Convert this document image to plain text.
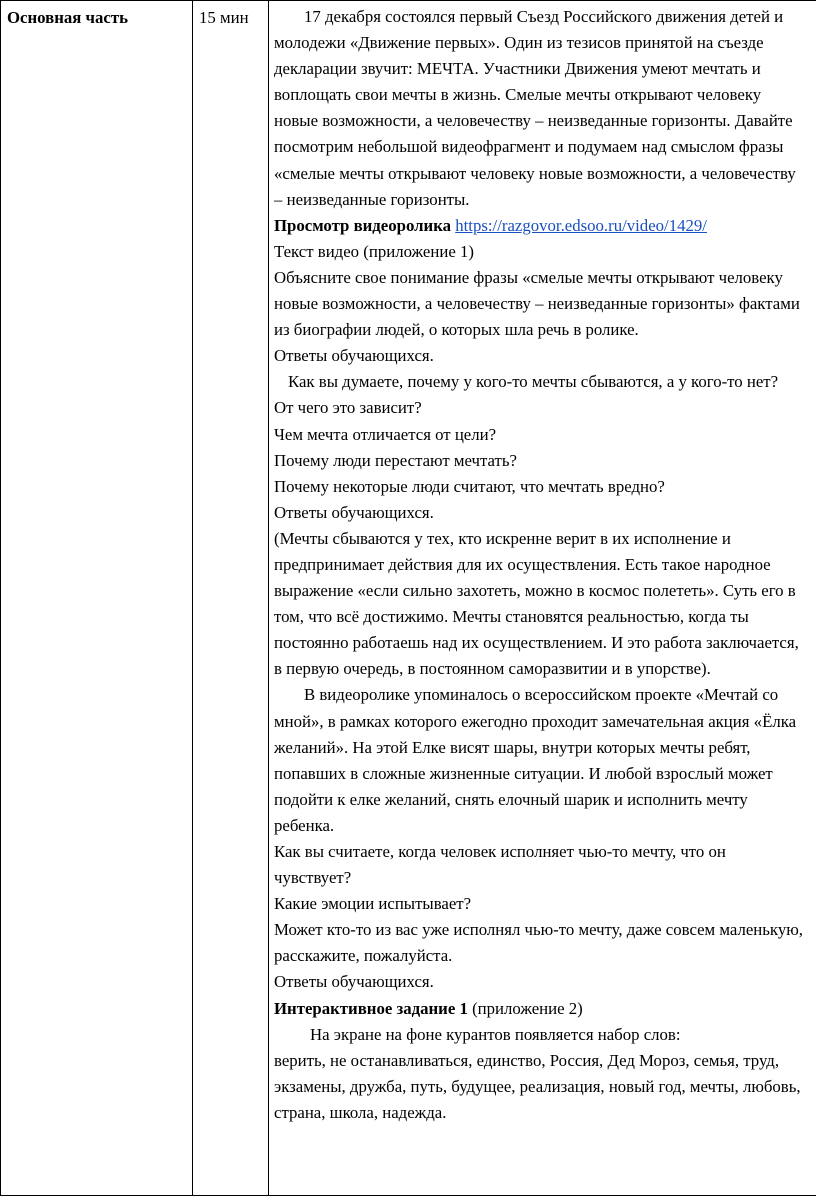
Основная часть	15 мин	17 декабря состоялся первый Съезд Российского движения детей и молодежи «Движение первых». Один из тезисов принятой на съезде декларации звучит: МЕЧТА. Участники Движения умеют мечтать и воплощать свои мечты в жизнь. Смелые мечты открывают человеку новые возможности, а человечеству – неизведанные горизонты. Давайте посмотрим небольшой видеофрагмент и подумаем над смыслом фразы «смелые мечты открывают человеку новые возможности, а человечеству – неизведанные горизонты.

Просмотр видеоролика https://razgovor.edsoo.ru/video/1429/

Текст видео (приложение 1)

Объясните свое понимание фразы «смелые мечты открывают человеку новые возможности, а человечеству – неизведанные горизонты» фактами из биографии людей, о которых шла речь в ролике.

Ответы обучающихся.

Как вы думаете, почему у кого-то мечты сбываются, а у кого-то нет?

От чего это зависит?

Чем мечта отличается от цели?

Почему люди перестают мечтать?

Почему некоторые люди считают, что мечтать вредно?

Ответы обучающихся.

(Мечты сбываются у тех, кто искренне верит в их исполнение и предпринимает действия для их осуществления. Есть такое народное выражение «если сильно захотеть, можно в космос полететь». Суть его в том, что всё достижимо. Мечты становятся реальностью, когда ты постоянно работаешь над их осуществлением. И это работа заключается, в первую очередь, в постоянном саморазвитии и в упорстве).

В видеоролике упоминалось о всероссийском проекте «Мечтай со мной», в рамках которого ежегодно проходит замечательная акция «Ёлка желаний». На этой Елке висят шары, внутри которых мечты ребят, попавших в сложные жизненные ситуации. И любой взрослый может подойти к елке желаний, снять елочный шарик и исполнить мечту ребенка.

Как вы считаете, когда человек исполняет чью-то мечту, что он чувствует?

Какие эмоции испытывает?

Может кто-то из вас уже исполнял чью-то мечту, даже совсем маленькую, расскажите, пожалуйста.

Ответы обучающихся.

Интерактивное задание 1 (приложение 2)

На экране на фоне курантов появляется набор слов:

верить, не останавливаться, единство, Россия, Дед Мороз, семья, труд, экзамены, дружба, путь, будущее, реализация, новый год, мечты, любовь, страна, школа, надежда.
